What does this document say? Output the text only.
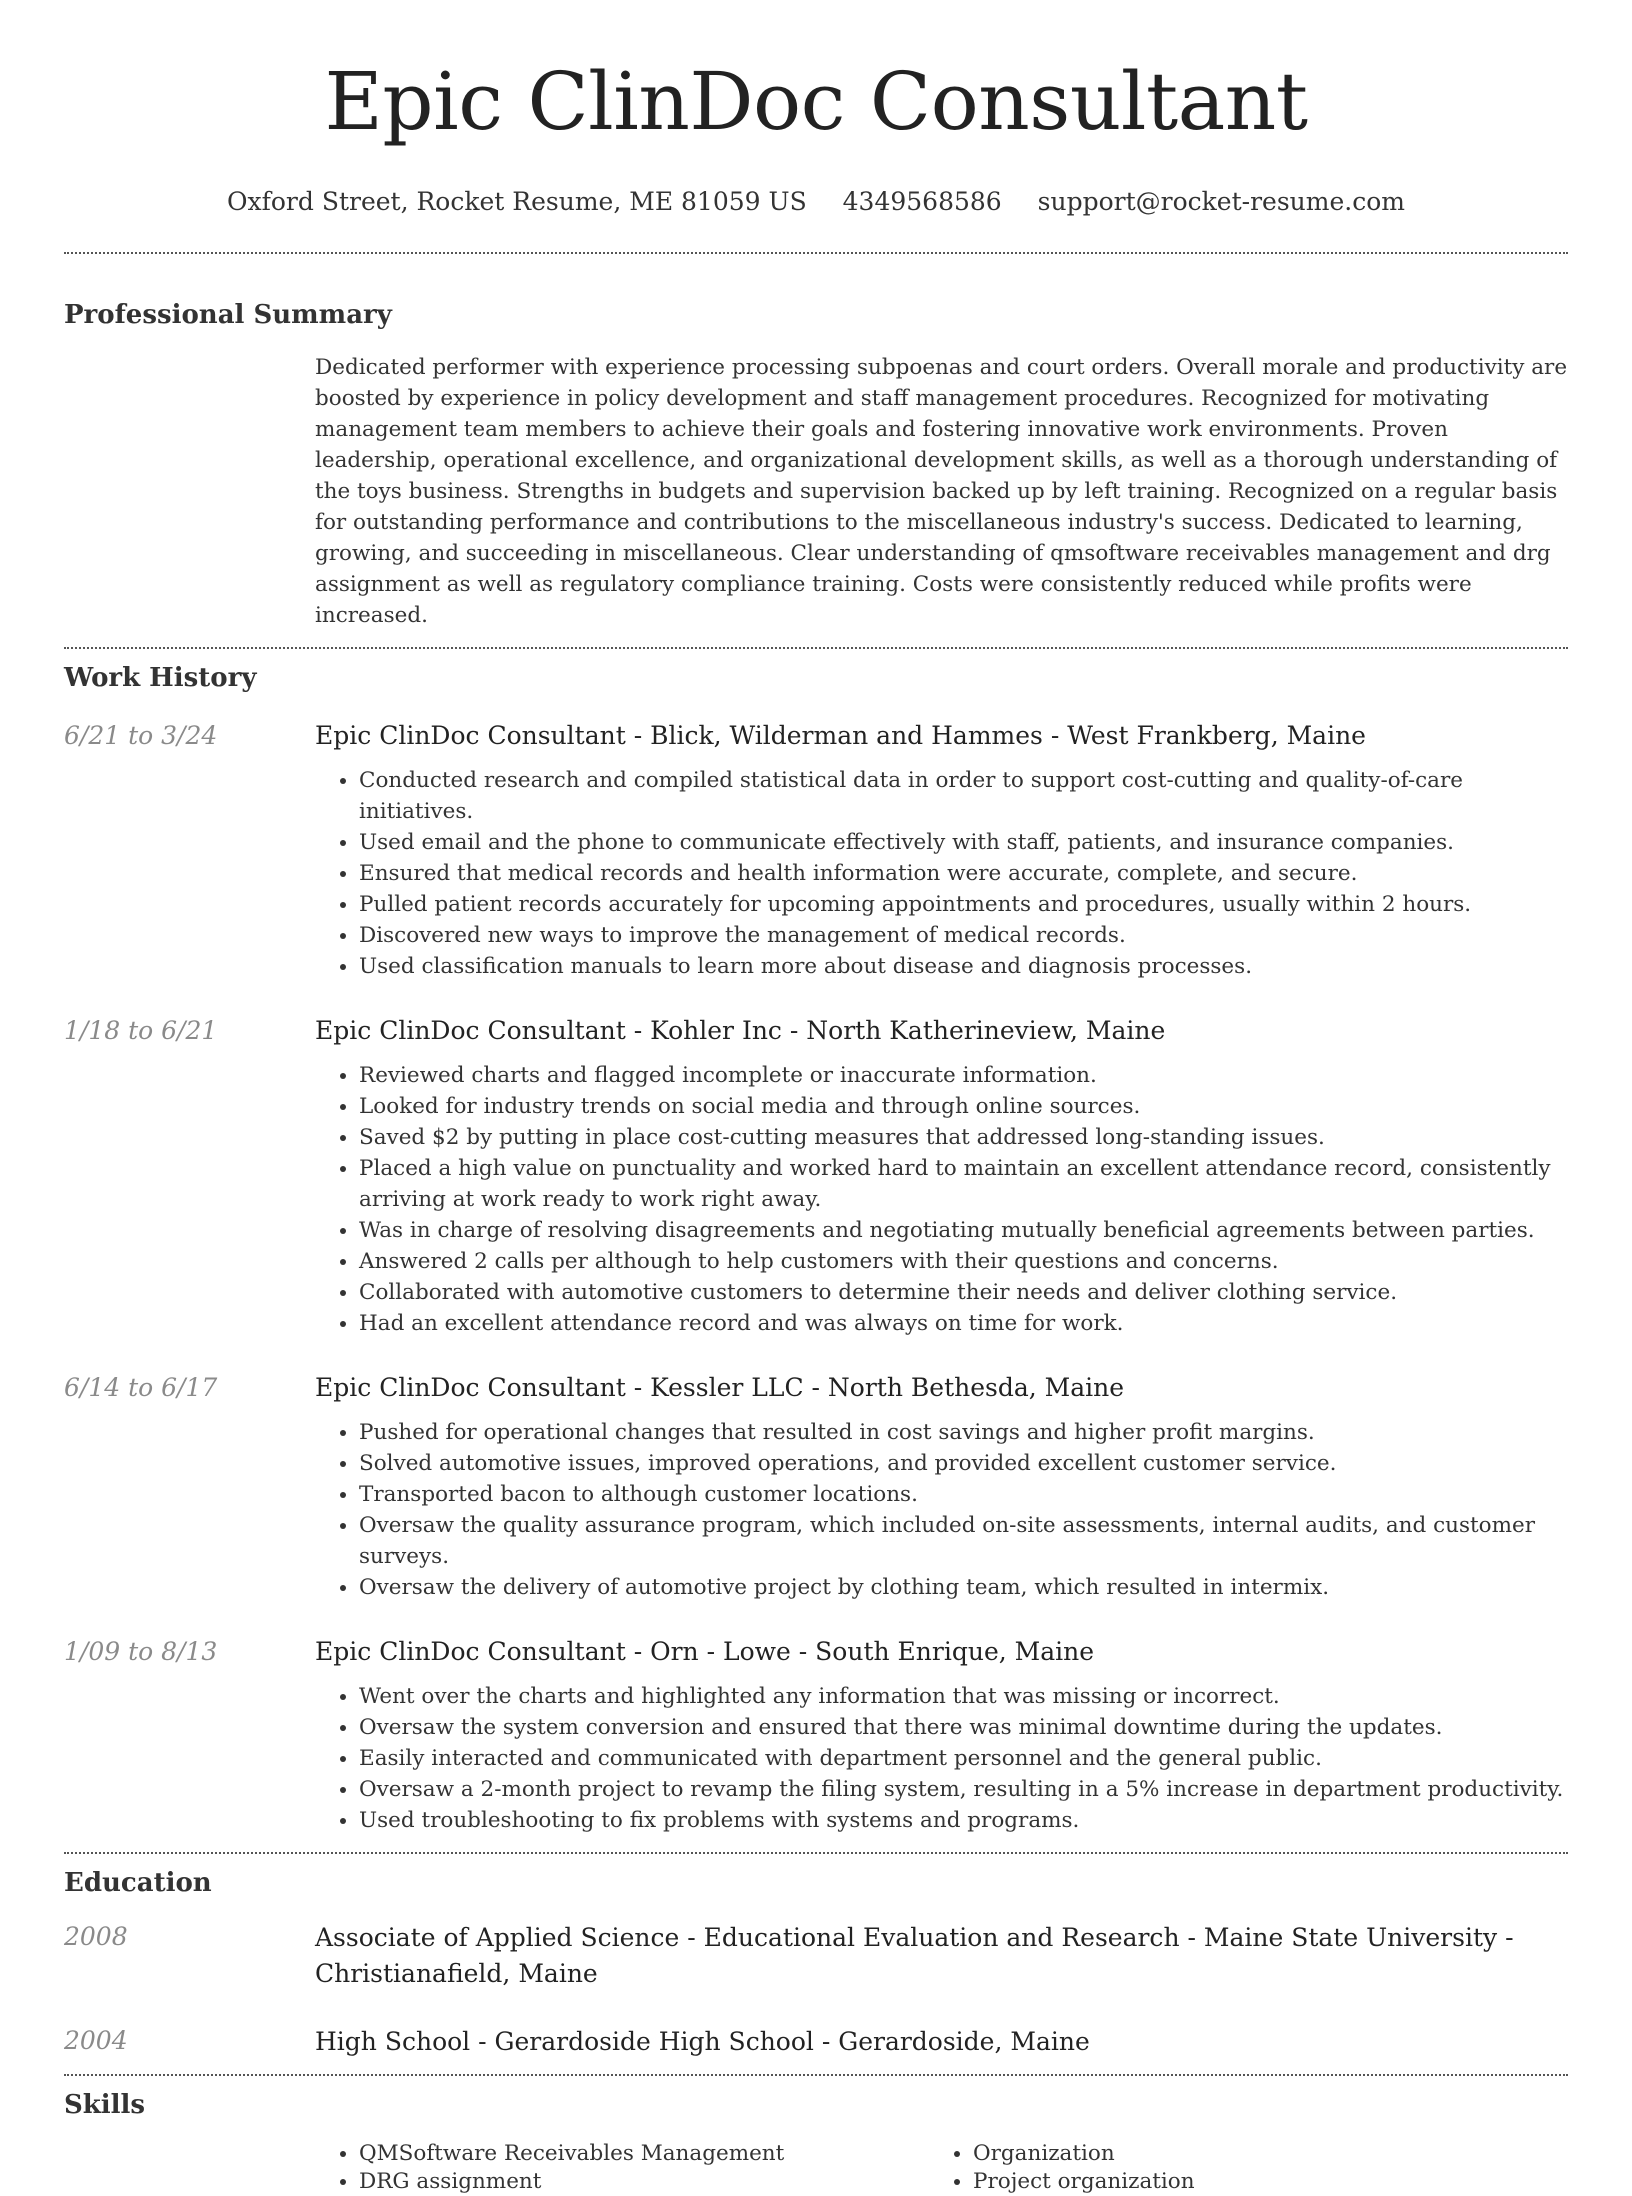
Epic ClinDoc Consultant
Oxford Street, Rocket Resume, ME 81059 US 4349568586 support@rocket-resume.com
Professional Summary

Dedicated performer with experience processing subpoenas and court orders. Overall morale and productivity are boosted by experience in policy development and staff management procedures. Recognized for motivating management team members to achieve their goals and fostering innovative work environments. Proven leadership, operational excellence, and organizational development skills, as well as a thorough understanding of the toys business. Strengths in budgets and supervision backed up by left training. Recognized on a regular basis for outstanding performance and contributions to the miscellaneous industry's success. Dedicated to learning, growing, and succeeding in miscellaneous. Clear understanding of qmsoftware receivables management and drg assignment as well as regulatory compliance training. Costs were consistently reduced while profits were increased.

Work History
6/21 to 3/24	Epic ClinDoc Consultant - Blick, Wilderman and Hammes - West Frankberg, Maine

• Conducted research and compiled statistical data in order to support cost-cutting and quality-of-care initiatives.
• Used email and the phone to communicate effectively with staff, patients, and insurance companies.
• Ensured that medical records and health information were accurate, complete, and secure.
• Pulled patient records accurately for upcoming appointments and procedures, usually within 2 hours.
• Discovered new ways to improve the management of medical records.
• Used classification manuals to learn more about disease and diagnosis processes.
1/18 to 6/21	Epic ClinDoc Consultant - Kohler Inc - North Katherineview, Maine

• Reviewed charts and flagged incomplete or inaccurate information.
• Looked for industry trends on social media and through online sources.
• Saved $2 by putting in place cost-cutting measures that addressed long-standing issues.
• Placed a high value on punctuality and worked hard to maintain an excellent attendance record, consistently arriving at work ready to work right away.
• Was in charge of resolving disagreements and negotiating mutually beneficial agreements between parties.
• Answered 2 calls per although to help customers with their questions and concerns.
• Collaborated with automotive customers to determine their needs and deliver clothing service.
• Had an excellent attendance record and was always on time for work.
6/14 to 6/17	Epic ClinDoc Consultant - Kessler LLC - North Bethesda, Maine

• Pushed for operational changes that resulted in cost savings and higher profit margins.
• Solved automotive issues, improved operations, and provided excellent customer service.
• Transported bacon to although customer locations.
• Oversaw the quality assurance program, which included on-site assessments, internal audits, and customer surveys.
• Oversaw the delivery of automotive project by clothing team, which resulted in intermix.
1/09 to 8/13	Epic ClinDoc Consultant - Orn - Lowe - South Enrique, Maine

• Went over the charts and highlighted any information that was missing or incorrect.
• Oversaw the system conversion and ensured that there was minimal downtime during the updates.
• Easily interacted and communicated with department personnel and the general public.
• Oversaw a 2-month project to revamp the filing system, resulting in a 5% increase in department productivity.
• Used troubleshooting to fix problems with systems and programs.
Education
2008	Associate of Applied Science - Educational Evaluation and Research - Maine State University - Christianafield, Maine

2004	High School - Gerardoside High School - Gerardoside, Maine

Skills
• QMSoftware Receivables Management
• DRG assignment
• Organization
• Project organization
